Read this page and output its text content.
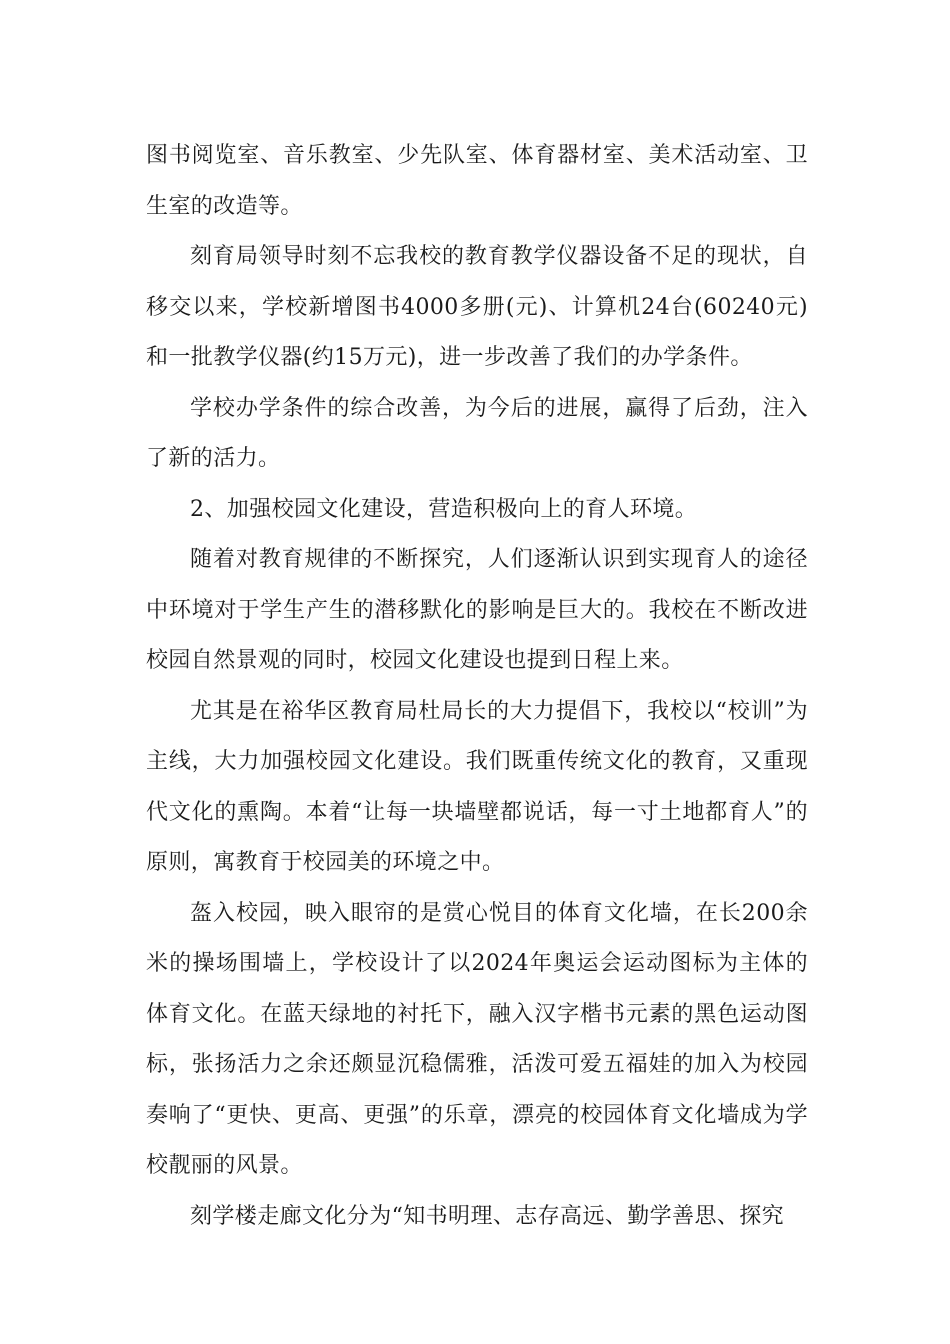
图书阅览室、音乐教室、少先队室、体育器材室、美术活动室、卫生室的改造等。

刻育局领导时刻不忘我校的教育教学仪器设备不足的现状，自移交以来，学校新增图书4000多册(元)、计算机24台(60240元)和一批教学仪器(约15万元)，进一步改善了我们的办学条件。

学校办学条件的综合改善，为今后的进展，赢得了后劲，注入了新的活力。

2、加强校园文化建设，营造积极向上的育人环境。

随着对教育规律的不断探究，人们逐渐认识到实现育人的途径中环境对于学生产生的潜移默化的影响是巨大的。我校在不断改进校园自然景观的同时，校园文化建设也提到日程上来。

尤其是在裕华区教育局杜局长的大力提倡下，我校以“校训”为主线，大力加强校园文化建设。我们既重传统文化的教育，又重现代文化的熏陶。本着“让每一块墙壁都说话，每一寸土地都育人”的原则，寓教育于校园美的环境之中。

盔入校园，映入眼帘的是赏心悦目的体育文化墙，在长200余米的操场围墙上，学校设计了以2024年奥运会运动图标为主体的体育文化。在蓝天绿地的衬托下，融入汉字楷书元素的黑色运动图标，张扬活力之余还颇显沉稳儒雅，活泼可爱五福娃的加入为校园奏响了“更快、更高、更强”的乐章，漂亮的校园体育文化墙成为学校靓丽的风景。

刻学楼走廊文化分为“知书明理、志存高远、勤学善思、探究
